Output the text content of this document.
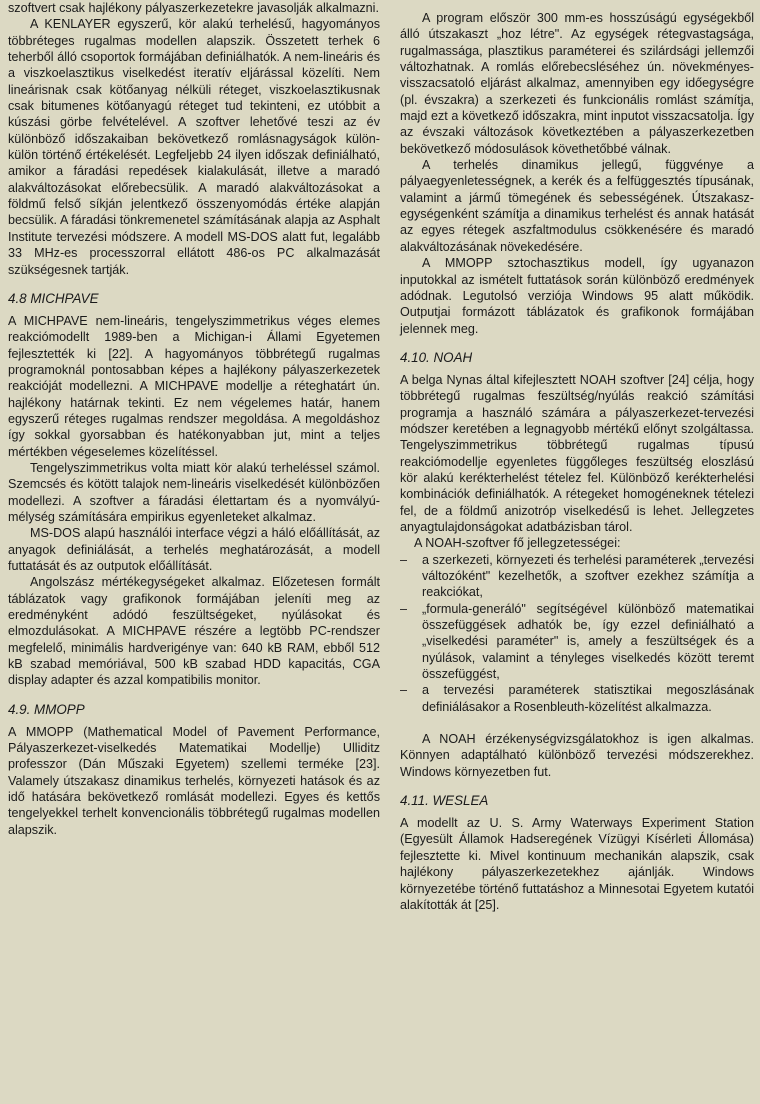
szoftvert csak hajlékony pályaszerkezetekre javasolják alkalmazni.

A KENLAYER egyszerű, kör alakú terhelésű, hagyományos többréteges rugalmas modellen alapszik. Összetett terhek 6 teherből álló csoportok formájában definiálhatók. A nem-lineáris és a viszkoelasztikus viselkedést iteratív eljárással közelíti. Nem lineárisnak csak kötőanyag nélküli réteget, viszkoelasztikusnak csak bitumenes kötőanyagú réteget tud tekinteni, ez utóbbit a kúszási görbe felvételével. A szoftver lehetővé teszi az év különböző időszakaiban bekövetkező romlásnagyságok külön-külön történő értékelését. Legfeljebb 24 ilyen időszak definiálható, amikor a fáradási repedések kialakulását, illetve a maradó alakváltozásokat előrebecsülik. A maradó alakváltozásokat a földmű felső síkján jelentkező összenyomódás értéke alapján becsülik. A fáradási tönkremenetel számításának alapja az Asphalt Institute tervezési módszere. A modell MS-DOS alatt fut, legalább 33 MHz-es processzorral ellátott 486-os PC alkalmazását szükségesnek tartják.

4.8 MICHPAVE

A MICHPAVE nem-lineáris, tengelyszimmetrikus véges elemes reakciómodellt 1989-ben a Michigan-i Állami Egyetemen fejlesztették ki [22]. A hagyományos többrétegű rugalmas programoknál pontosabban képes a hajlékony pályaszerkezetek reakcióját modellezni. A MICHPAVE modellje a réteghatárt ún. hajlékony határnak tekinti. Ez nem végelemes határ, hanem egyszerű réteges rugalmas rendszer megoldása. A megoldáshoz így sokkal gyorsabban és hatékonyabban jut, mint a teljes mértékben végeselemes közelítéssel.

Tengelyszimmetrikus volta miatt kör alakú terheléssel számol. Szemcsés és kötött talajok nem-lineáris viselkedését különbözően modellezi. A szoftver a fáradási élettartam és a nyomvályú-mélység számítására empirikus egyenleteket alkalmaz.

MS-DOS alapú használói interface végzi a háló előállítását, az anyagok definiálását, a terhelés meghatározását, a modell futtatását és az outputok előállítását.

Angolszász mértékegységeket alkalmaz. Előzetesen formált táblázatok vagy grafikonok formájában jeleníti meg az eredményként adódó feszültségeket, nyúlásokat és elmozdulásokat. A MICHPAVE részére a legtöbb PC-rendszer megfelelő, minimális hardverigénye van: 640 kB RAM, ebből 512 kB szabad memóriával, 500 kB szabad HDD kapacitás, CGA display adapter és azzal kompatibilis monitor.

4.9. MMOPP

A MMOPP (Mathematical Model of Pavement Performance, Pályaszerkezet-viselkedés Matematikai Modellje) Ulliditz professzor (Dán Műszaki Egyetem) szellemi terméke [23]. Valamely útszakasz dinamikus terhelés, környezeti hatások és az idő hatására bekövetkező romlását modellezi. Egyes és kettős tengelyekkel terhelt konvencionális többrétegű rugalmas modellen alapszik.

A program először 300 mm-es hosszúságú egységekből álló útszakaszt „hoz létre". Az egységek rétegvastagsága, rugalmassága, plasztikus paraméterei és szilárdsági jellemzői változhatnak. A romlás előrebecsléséhez ún. növekményes-visszacsatoló eljárást alkalmaz, amennyiben egy időegységre (pl. évszakra) a szerkezeti és funkcionális romlást számítja, majd ezt a következő időszakra, mint inputot visszacsatolja. Így az évszaki változások következtében a pályaszerkezetben bekövetkező módosulások követhetőbbé válnak.

A terhelés dinamikus jellegű, függvénye a pályaegyenletességnek, a kerék és a felfüggesztés típusának, valamint a jármű tömegének és sebességének. Útszakasz-egységenként számítja a dinamikus terhelést és annak hatását az egyes rétegek aszfaltmodulus csökkenésére és maradó alakváltozásának növekedésére.

A MMOPP sztochasztikus modell, így ugyanazon inputokkal az ismételt futtatások során különböző eredmények adódnak. Legutolsó verziója Windows 95 alatt működik. Outputjai formázott táblázatok és grafikonok formájában jelennek meg.

4.10. NOAH

A belga Nynas által kifejlesztett NOAH szoftver [24] célja, hogy többrétegű rugalmas feszültség/nyúlás reakció számítási programja a használó számára a pályaszerkezet-tervezési módszer keretében a legnagyobb mértékű előnyt szolgáltassa. Tengelyszimmetrikus többrétegű rugalmas típusú reakciómodellje egyenletes függőleges feszültség eloszlású kör alakú kerékterhelést tételez fel. Különböző kerékterhelési kombinációk definiálhatók. A rétegeket homogéneknek tételezi fel, de a földmű anizotróp viselkedésű is lehet. Jellegzetes anyagtulajdonságokat adatbázisban tárol.

A NOAH-szoftver fő jellegzetességei:

– a szerkezeti, környezeti és terhelési paraméterek „tervezési változóként" kezelhetők, a szoftver ezekhez számítja a reakciókat,
– „formula-generáló" segítségével különböző matematikai összefüggések adhatók be, így ezzel definiálható a „viselkedési paraméter" is, amely a feszültségek és a nyúlások, valamint a tényleges viselkedés között teremt összefüggést,
– a tervezési paraméterek statisztikai megoszlásának definiálásakor a Rosenbleuth-közelítést alkalmazza.

A NOAH érzékenységvizsgálatokhoz is igen alkalmas. Könnyen adaptálható különböző tervezési módszerekhez. Windows környezetben fut.

4.11. WESLEA

A modellt az U. S. Army Waterways Experiment Station (Egyesült Államok Hadseregének Vízügyi Kísérleti Állomása) fejlesztette ki. Mivel kontinuum mechanikán alapszik, csak hajlékony pályaszerkezetekhez ajánlják. Windows környezetébe történő futtatáshoz a Minnesotai Egyetem kutatói alakították át [25].
